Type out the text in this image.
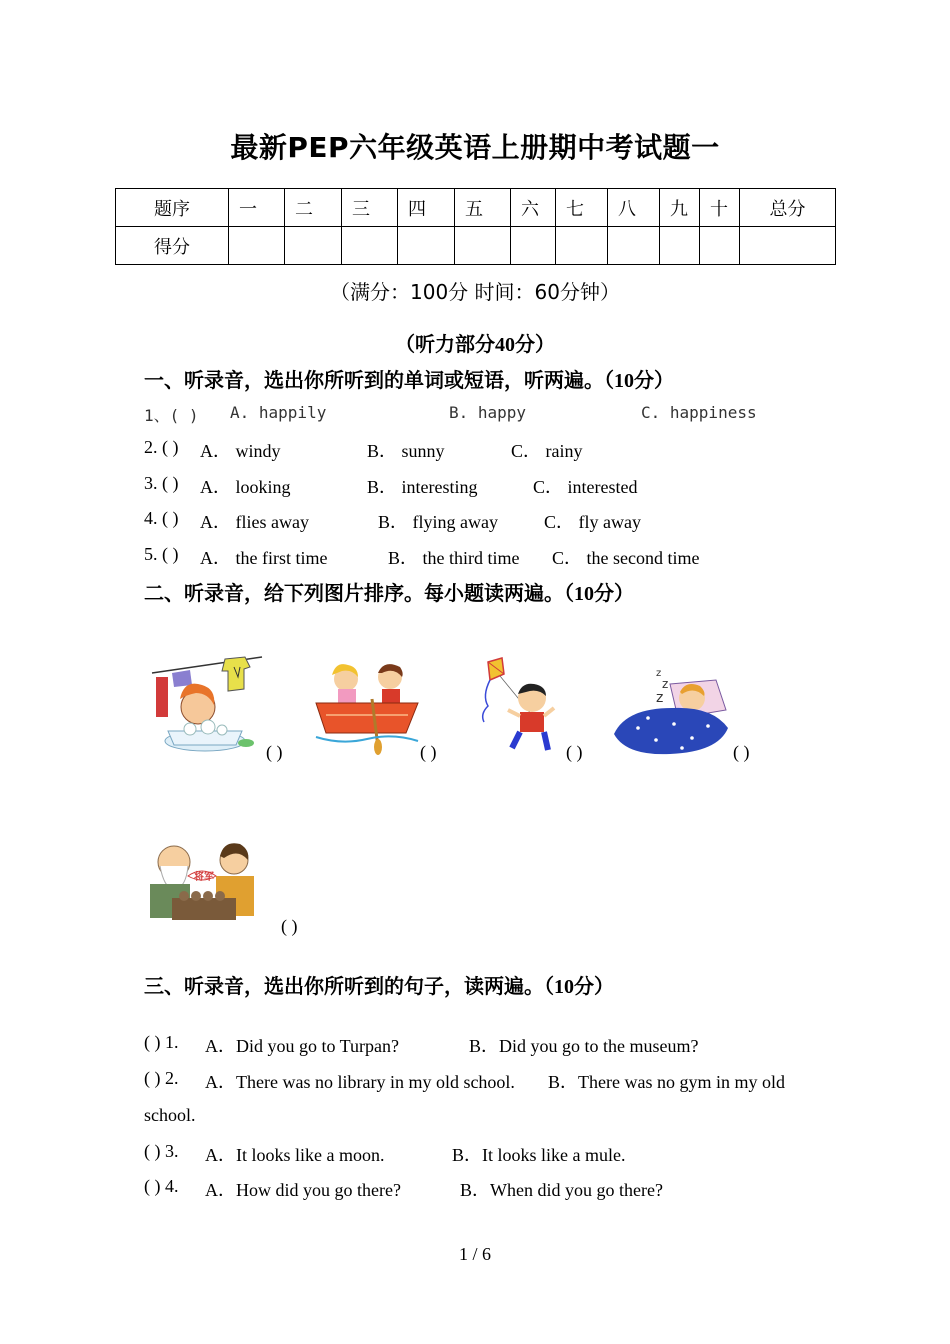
最新PEP六年级英语上册期中考试题一
题序	一	二	三	四	五	六	七	八	九	十	总分
得分											
（满分：100分 时间：60分钟）
（听力部分40分）
一、听录音，选出你所听到的单词或短语，听两遍。（10分）
1、( ) A. happily	B. happy	C. happiness
2. ( ) A． windy	B． sunny	C． rainy
3. ( ) A． looking	B． interesting	C． interested
4. ( ) A． flies away	B． flying away	C． fly away
5. ( ) A． the first time	B． the third time C． the second time
二、听录音，给下列图片排序。每小题读两遍。（10分）
( )	( )	( )
z
z
z
( )
将军
( )
三、听录音，选出你所听到的句子，读两遍。（10分）
( ) 1. A．Did you go to Turpan?	B．Did you go to the museum?
( ) 2. A．There was no library in my old school. B．There was no gym in my old
school.
( ) 3. A．It looks like a moon.	B．It looks like a mule.
( ) 4. A．How did you go there?	B．When did you go there?
1 / 6
